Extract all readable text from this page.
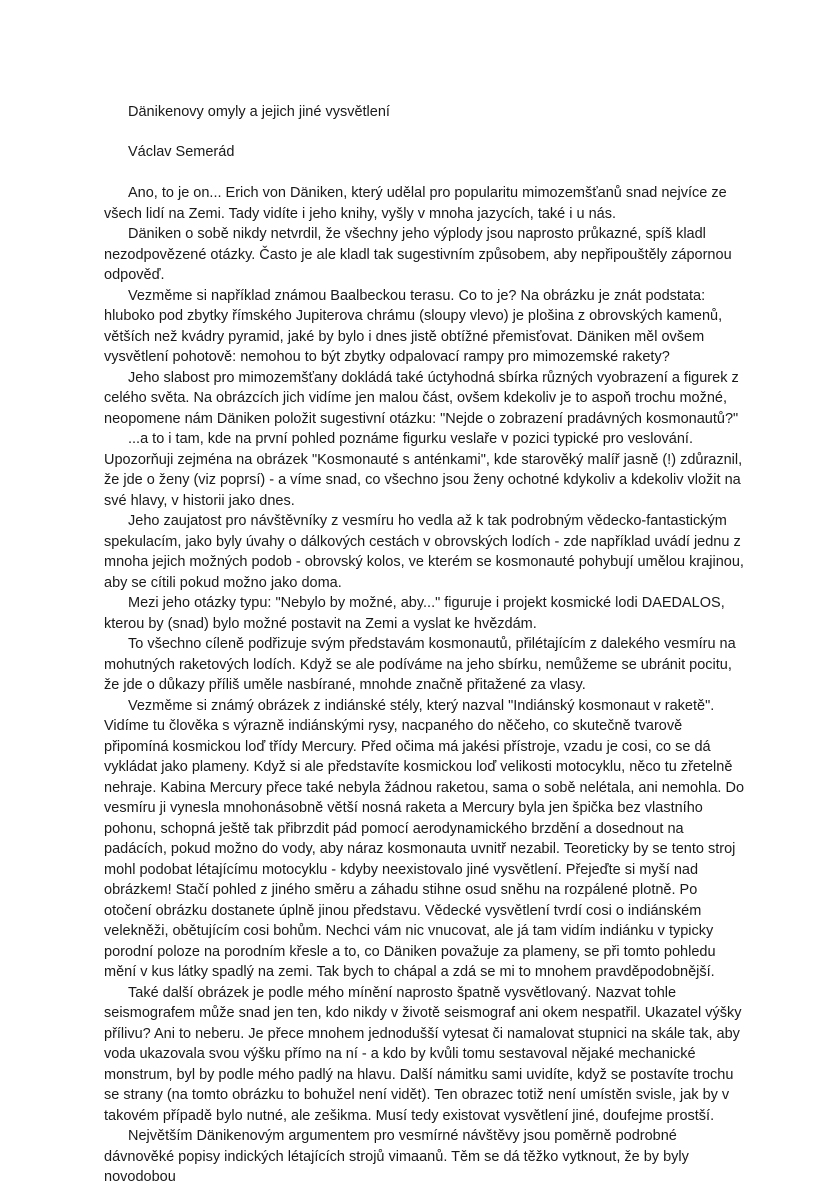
Dänikenovy omyly a jejich jiné vysvětlení

Václav Semerád

Ano, to je on... Erich von Däniken, který udělal pro popularitu mimozemšťanů snad nejvíce ze všech lidí na Zemi. Tady vidíte i jeho knihy, vyšly v mnoha jazycích, také i u nás.

Däniken o sobě nikdy netvrdil, že všechny jeho výplody jsou naprosto průkazné, spíš kladl nezodpovězené otázky. Často je ale kladl tak sugestivním způsobem, aby nepřipouštěly zápornou odpověď.

Vezměme si například známou Baalbeckou terasu. Co to je? Na obrázku je znát podstata: hluboko pod zbytky římského Jupiterova chrámu (sloupy vlevo) je plošina z obrovských kamenů, větších než kvádry pyramid, jaké by bylo i dnes jistě obtížné přemisťovat. Däniken měl ovšem vysvětlení pohotově: nemohou to být zbytky odpalovací rampy pro mimozemské rakety?

Jeho slabost pro mimozemšťany dokládá také úctyhodná sbírka různých vyobrazení a figurek z celého světa. Na obrázcích jich vidíme jen malou část, ovšem kdekoliv je to aspoň trochu možné, neopomene nám Däniken položit sugestivní otázku: "Nejde o zobrazení pradávných kosmonautů?"

...a to i tam, kde na první pohled poznáme figurku veslaře v pozici typické pro veslování. Upozorňuji zejména na obrázek "Kosmonauté s anténkami", kde starověký malíř jasně (!) zdůraznil, že jde o ženy (viz poprsí) - a víme snad, co všechno jsou ženy ochotné kdykoliv a kdekoliv vložit na své hlavy, v historii jako dnes.

Jeho zaujatost pro návštěvníky z vesmíru ho vedla až k tak podrobným vědecko-fantastickým spekulacím, jako byly úvahy o dálkových cestách v obrovských lodích - zde například uvádí jednu z mnoha jejich možných podob - obrovský kolos, ve kterém se kosmonauté pohybují umělou krajinou, aby se cítili pokud možno jako doma.

Mezi jeho otázky typu: "Nebylo by možné, aby..." figuruje i projekt kosmické lodi DAEDALOS, kterou by (snad) bylo možné postavit na Zemi a vyslat ke hvězdám.

To všechno cíleně podřizuje svým představám kosmonautů, přilétajícím z dalekého vesmíru na mohutných raketových lodích. Když se ale podíváme na jeho sbírku, nemůžeme se ubránit pocitu, že jde o důkazy příliš uměle nasbírané, mnohde značně přitažené za vlasy.

Vezměme si známý obrázek z indiánské stély, který nazval "Indiánský kosmonaut v raketě". Vidíme tu člověka s výrazně indiánskými rysy, nacpaného do něčeho, co skutečně tvarově připomíná kosmickou loď třídy Mercury. Před očima má jakési přístroje, vzadu je cosi, co se dá vykládat jako plameny. Když si ale představíte kosmickou loď velikosti motocyklu, něco tu zřetelně nehraje. Kabina Mercury přece také nebyla žádnou raketou, sama o sobě nelétala, ani nemohla. Do vesmíru ji vynesla mnohonásobně větší nosná raketa a Mercury byla jen špička bez vlastního pohonu, schopná ještě tak přibrzdit pád pomocí aerodynamického brzdění a dosednout na padácích, pokud možno do vody, aby náraz kosmonauta uvnitř nezabil. Teoreticky by se tento stroj mohl podobat létajícímu motocyklu - kdyby neexistovalo jiné vysvětlení. Přejeďte si myší nad obrázkem! Stačí pohled z jiného směru a záhadu stihne osud sněhu na rozpálené plotně. Po otočení obrázku dostanete úplně jinou představu. Vědecké vysvětlení tvrdí cosi o indiánském velekněži, obětujícím cosi bohům. Nechci vám nic vnucovat, ale já tam vidím indiánku v typicky porodní poloze na porodním křesle a to, co Däniken považuje za plameny, se při tomto pohledu mění v kus látky spadlý na zemi. Tak bych to chápal a zdá se mi to mnohem pravděpodobnější.

Také další obrázek je podle mého mínění naprosto špatně vysvětlovaný. Nazvat tohle seismografem může snad jen ten, kdo nikdy v životě seismograf ani okem nespatřil. Ukazatel výšky přílivu? Ani to neberu. Je přece mnohem jednodušší vytesat či namalovat stupnici na skále tak, aby voda ukazovala svou výšku přímo na ní - a kdo by kvůli tomu sestavoval nějaké mechanické monstrum, byl by podle mého padlý na hlavu. Další námitku sami uvidíte, když se postavíte trochu se strany (na tomto obrázku to bohužel není vidět). Ten obrazec totiž není umístěn svisle, jak by v takovém případě bylo nutné, ale zešikma. Musí tedy existovat vysvětlení jiné, doufejme prostší.

Největším Dänikenovým argumentem pro vesmírné návštěvy jsou poměrně podrobné dávnověké popisy indických létajících strojů vimaanů. Těm se dá těžko vytknout, že by byly novodobou
